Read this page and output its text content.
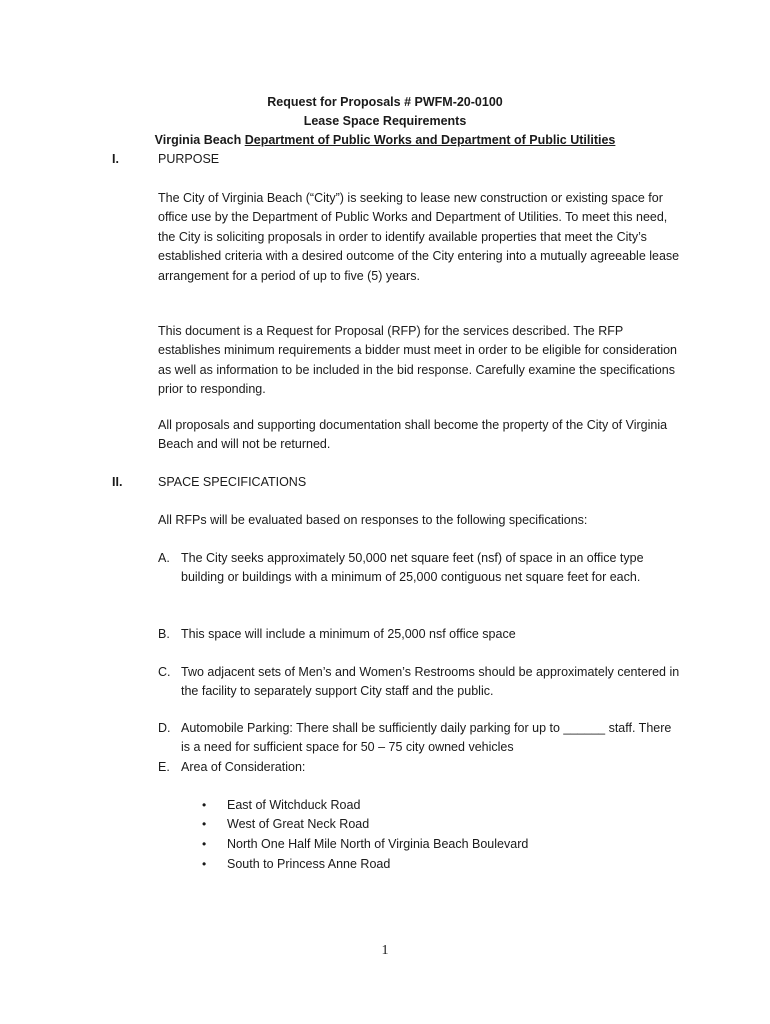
Request for Proposals # PWFM-20-0100
Lease Space Requirements
Virginia Beach Department of Public Works and Department of Public Utilities
I.	PURPOSE
The City of Virginia Beach (“City”) is seeking to lease new construction or existing space for office use by the Department of Public Works and Department of Utilities. To meet this need, the City is soliciting proposals in order to identify available properties that meet the City’s established criteria with a desired outcome of the City entering into a mutually agreeable lease arrangement for a period of up to five (5) years.
This document is a Request for Proposal (RFP) for the services described. The RFP establishes minimum requirements a bidder must meet in order to be eligible for consideration as well as information to be included in the bid response. Carefully examine the specifications prior to responding.
All proposals and supporting documentation shall become the property of the City of Virginia Beach and will not be returned.
II.	SPACE SPECIFICATIONS
All RFPs will be evaluated based on responses to the following specifications:
A. The City seeks approximately 50,000 net square feet (nsf) of space in an office type building or buildings with a minimum of 25,000 contiguous net square feet for each.
B. This space will include a minimum of 25,000 nsf office space
C. Two adjacent sets of Men’s and Women’s Restrooms should be approximately centered in the facility to separately support City staff and the public.
D. Automobile Parking: There shall be sufficiently daily parking for up to ______ staff. There is a need for sufficient space for 50 – 75 city owned vehicles
E. Area of Consideration:
• East of Witchduck Road
• West of Great Neck Road
• North One Half Mile North of Virginia Beach Boulevard
• South to Princess Anne Road
1
